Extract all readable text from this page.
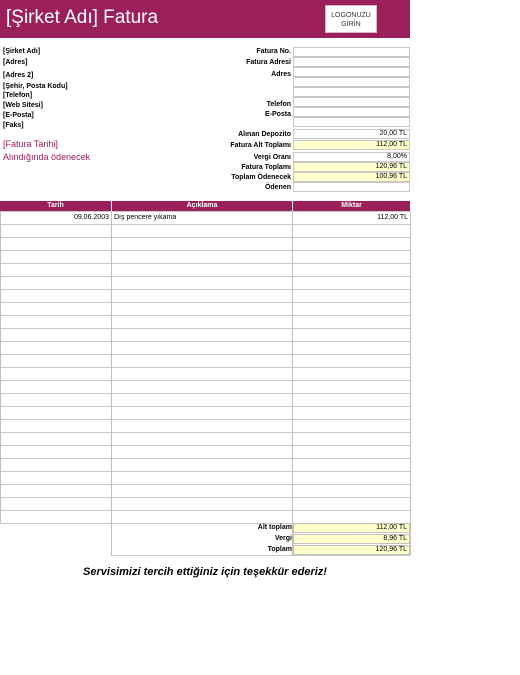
[Şirket Adı] Fatura	LOGONUZU
GİRİN
[Şirket Adı]
[Adres]
[Adres 2]
[Şehir, Posta Kodu]
[Telefon]
[Web Sitesi]
[E-Posta]
[Faks]
[Fatura Tarihi]
Alındığında ödenecek
Fatura No.
Fatura Adresi
Adres
Telefon
E-Posta
Alınan Depozito	20,00 TL
Fatura Alt Toplamı	112,00 TL
Vergi Oranı	8,00%
Fatura Toplamı	120,96 TL
Toplam Ödenecek	100,96 TL
Ödenen
Tarih	Açıklama	Miktar
09.06.2003 Dış pencere yıkama	112,00 TL
Alt toplam	112,00 TL
Vergi	8,96 TL
Toplam	120,96 TL
Servisimizi tercih ettiğiniz için teşekkür ederiz!
